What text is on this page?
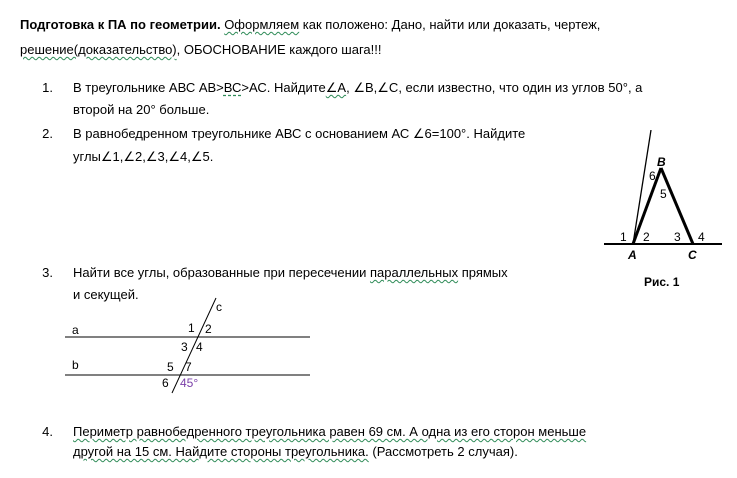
Подготовка к ПА по геометрии. Оформляем как положено: Дано, найти или доказать, чертеж,
решение(доказательство), ОБОСНОВАНИЕ каждого шага!!!
1. В треугольнике АВС АВ>ВС>АС. Найдите∠А, ∠В,∠С, если известно, что один из углов 50°, а
второй на 20° больше.
2. В равнобедренном треугольнике АВС с основанием АС ∠6=100°. Найдите
углы∠1,∠2,∠3,∠4,∠5.	B
6
5
1 2 3 4
A	C
Рис. 1
3. Найти все углы, образованные при пересечении параллельных прямых
и секущей.
а
b
с
1 2
3 4
5 7
6 45°
4. Периметр равнобедренного треугольника равен 69 см. А одна из его сторон меньше
другой на 15 см. Найдите стороны треугольника. (Рассмотреть 2 случая).
